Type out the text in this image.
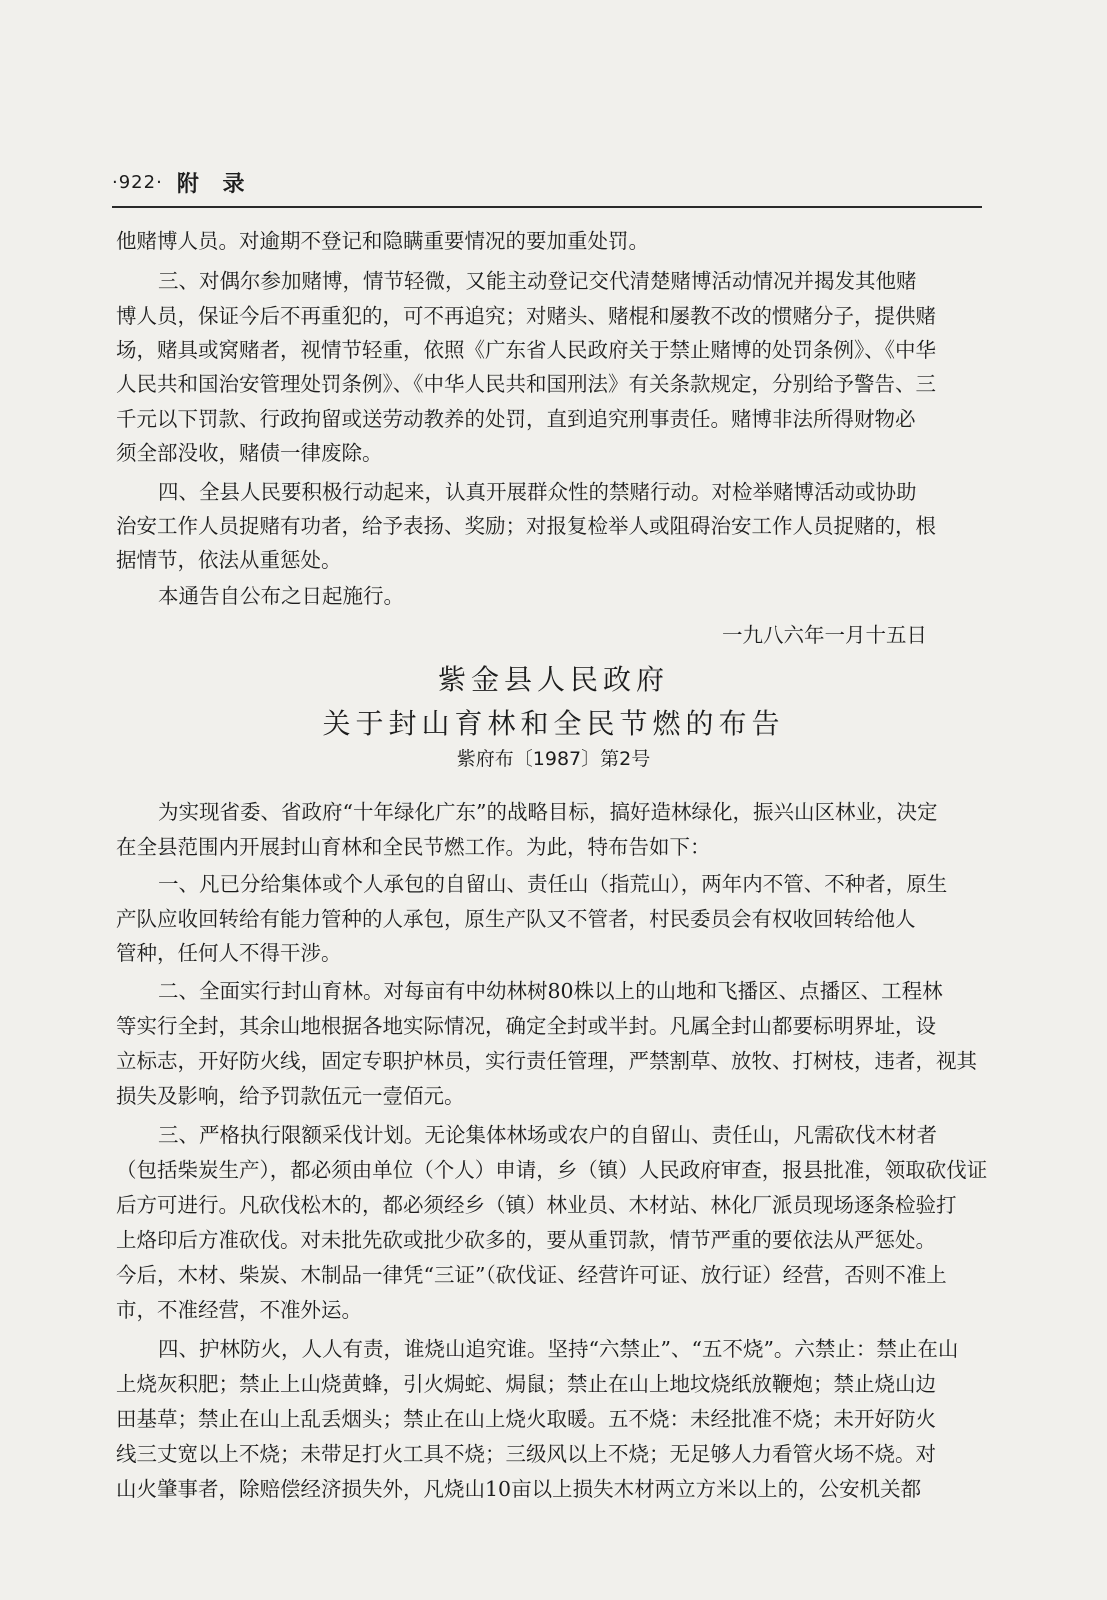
·922· 附 录
他赌博人员。对逾期不登记和隐瞒重要情况的要加重处罚。
三、对偶尔参加赌博，情节轻微，又能主动登记交代清楚赌博活动情况并揭发其他赌
博人员，保证今后不再重犯的，可不再追究；对赌头、赌棍和屡教不改的惯赌分子，提供赌
场，赌具或窝赌者，视情节轻重，依照《广东省人民政府关于禁止赌博的处罚条例》、《中华
人民共和国治安管理处罚条例》、《中华人民共和国刑法》有关条款规定，分别给予警告、三
千元以下罚款、行政拘留或送劳动教养的处罚，直到追究刑事责任。赌博非法所得财物必
须全部没收，赌债一律废除。
四、全县人民要积极行动起来，认真开展群众性的禁赌行动。对检举赌博活动或协助
治安工作人员捉赌有功者，给予表扬、奖励；对报复检举人或阻碍治安工作人员捉赌的，根
据情节，依法从重惩处。
本通告自公布之日起施行。
一九八六年一月十五日
紫金县人民政府
关于封山育林和全民节燃的布告
紫府布〔1987〕第2号
为实现省委、省政府“十年绿化广东”的战略目标，搞好造林绿化，振兴山区林业，决定
在全县范围内开展封山育林和全民节燃工作。为此，特布告如下：
一、凡已分给集体或个人承包的自留山、责任山（指荒山），两年内不管、不种者，原生
产队应收回转给有能力管种的人承包，原生产队又不管者，村民委员会有权收回转给他人
管种，任何人不得干涉。
二、全面实行封山育林。对每亩有中幼林树80株以上的山地和飞播区、点播区、工程林
等实行全封，其余山地根据各地实际情况，确定全封或半封。凡属全封山都要标明界址，设
立标志，开好防火线，固定专职护林员，实行责任管理，严禁割草、放牧、打树枝，违者，视其
损失及影响，给予罚款伍元一壹佰元。
三、严格执行限额采伐计划。无论集体林场或农户的自留山、责任山，凡需砍伐木材者
（包括柴炭生产），都必须由单位（个人）申请，乡（镇）人民政府审查，报县批准，领取砍伐证
后方可进行。凡砍伐松木的，都必须经乡（镇）林业员、木材站、林化厂派员现场逐条检验打
上烙印后方准砍伐。对未批先砍或批少砍多的，要从重罚款，情节严重的要依法从严惩处。
今后，木材、柴炭、木制品一律凭“三证”（砍伐证、经营许可证、放行证）经营，否则不准上
市，不准经营，不准外运。
四、护林防火，人人有责，谁烧山追究谁。坚持“六禁止”、“五不烧”。六禁止：禁止在山
上烧灰积肥；禁止上山烧黄蜂，引火焗蛇、焗鼠；禁止在山上地坟烧纸放鞭炮；禁止烧山边
田基草；禁止在山上乱丢烟头；禁止在山上烧火取暖。五不烧：未经批准不烧；未开好防火
线三丈宽以上不烧；未带足打火工具不烧；三级风以上不烧；无足够人力看管火场不烧。对
山火肇事者，除赔偿经济损失外，凡烧山10亩以上损失木材两立方米以上的，公安机关都
